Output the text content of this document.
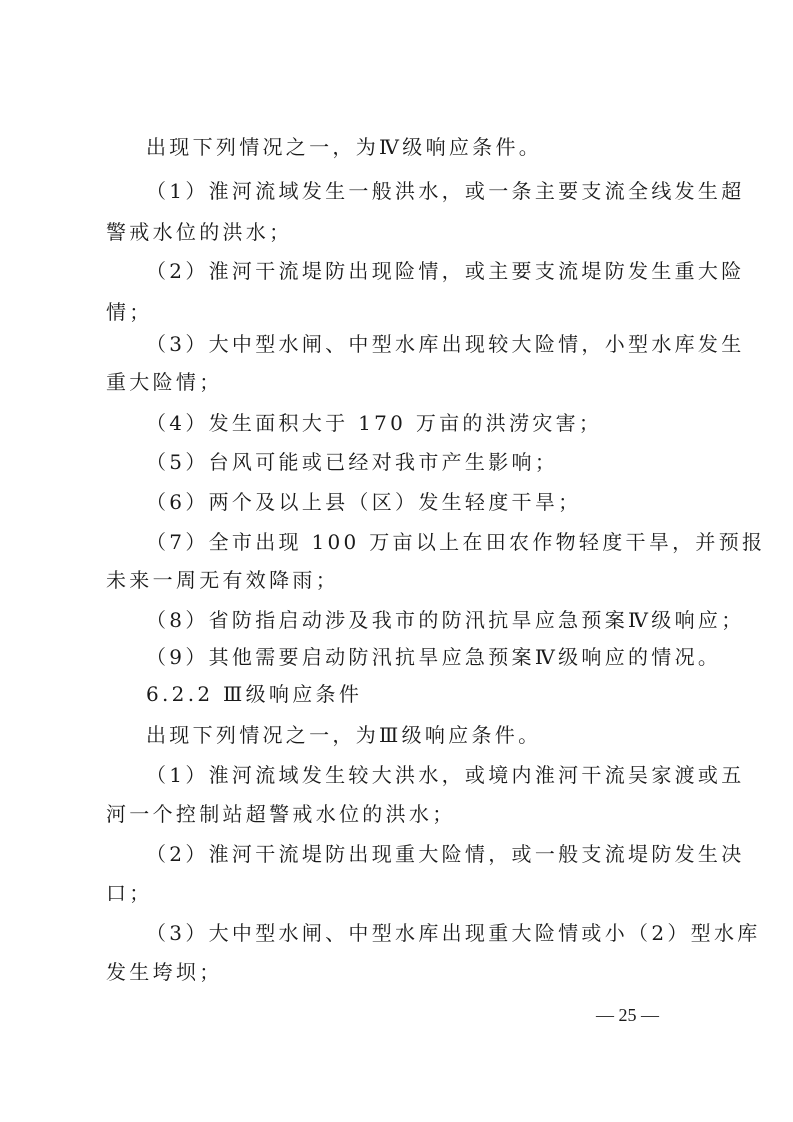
出现下列情况之一，为Ⅳ级响应条件。
（1）淮河流域发生一般洪水，或一条主要支流全线发生超
警戒水位的洪水；
（2）淮河干流堤防出现险情，或主要支流堤防发生重大险
情；
（3）大中型水闸、中型水库出现较大险情，小型水库发生
重大险情；
（4）发生面积大于 170 万亩的洪涝灾害；
（5）台风可能或已经对我市产生影响；
（6）两个及以上县（区）发生轻度干旱；
（7）全市出现 100 万亩以上在田农作物轻度干旱，并预报
未来一周无有效降雨；
（8）省防指启动涉及我市的防汛抗旱应急预案Ⅳ级响应；
（9）其他需要启动防汛抗旱应急预案Ⅳ级响应的情况。
6.2.2 Ⅲ级响应条件
出现下列情况之一，为Ⅲ级响应条件。
（1）淮河流域发生较大洪水，或境内淮河干流吴家渡或五
河一个控制站超警戒水位的洪水；
（2）淮河干流堤防出现重大险情，或一般支流堤防发生决
口；
（3）大中型水闸、中型水库出现重大险情或小（2）型水库
发生垮坝；
— 25 —
